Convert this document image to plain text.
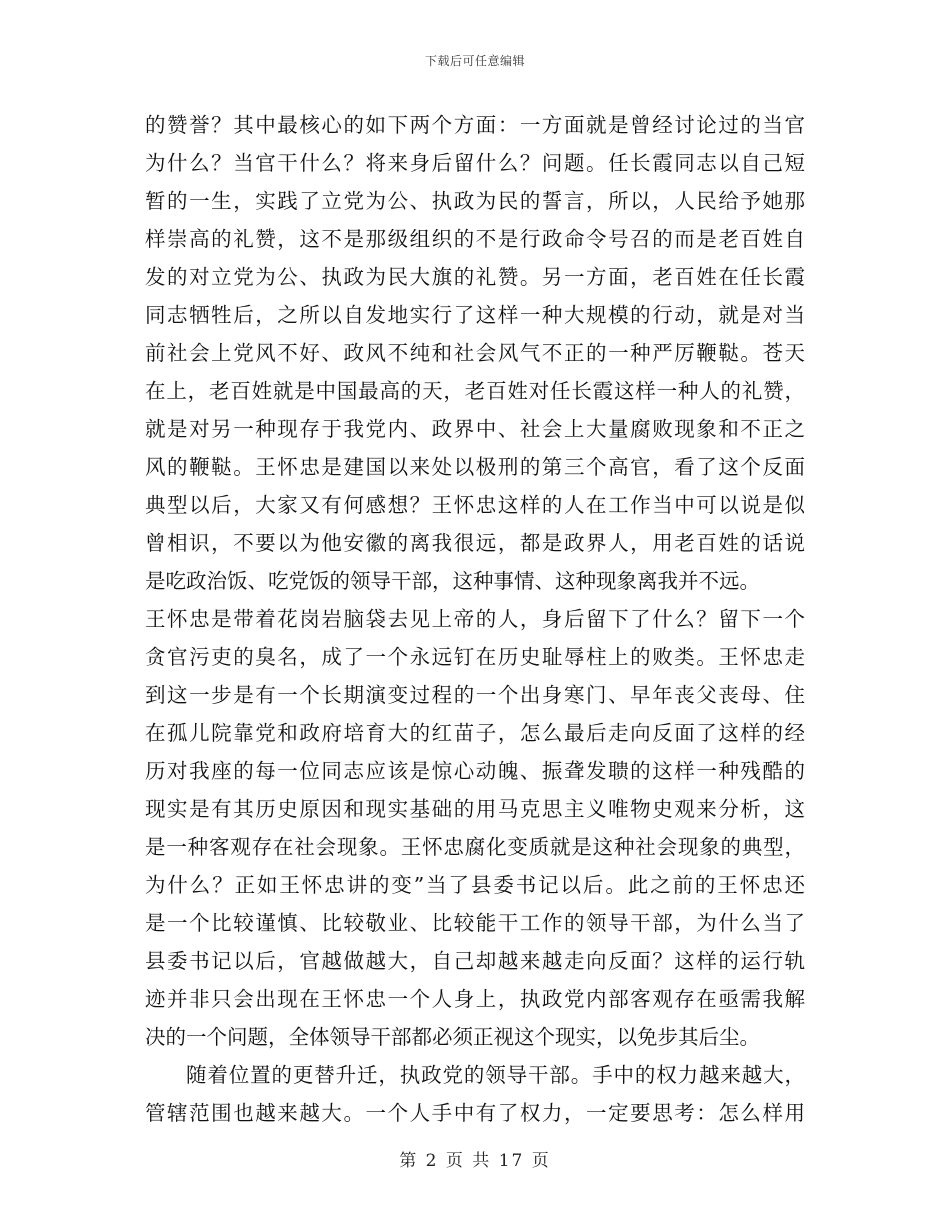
下载后可任意编辑
的赞誉？其中最核心的如下两个方面：一方面就是曾经讨论过的当官
为什么？当官干什么？将来身后留什么？问题。任长霞同志以自己短
暂的一生，实践了立党为公、执政为民的誓言，所以，人民给予她那
样崇高的礼赞，这不是那级组织的不是行政命令号召的而是老百姓自
发的对立党为公、执政为民大旗的礼赞。另一方面，老百姓在任长霞
同志牺牲后，之所以自发地实行了这样一种大规模的行动，就是对当
前社会上党风不好、政风不纯和社会风气不正的一种严厉鞭鞑。苍天
在上，老百姓就是中国最高的天，老百姓对任长霞这样一种人的礼赞，
就是对另一种现存于我党内、政界中、社会上大量腐败现象和不正之
风的鞭鞑。王怀忠是建国以来处以极刑的第三个高官，看了这个反面
典型以后，大家又有何感想？王怀忠这样的人在工作当中可以说是似
曾相识，不要以为他安徽的离我很远，都是政界人，用老百姓的话说
是吃政治饭、吃党饭的领导干部，这种事情、这种现象离我并不远。
王怀忠是带着花岗岩脑袋去见上帝的人，身后留下了什么？留下一个
贪官污吏的臭名，成了一个永远钉在历史耻辱柱上的败类。王怀忠走
到这一步是有一个长期演变过程的一个出身寒门、早年丧父丧母、住
在孤儿院靠党和政府培育大的红苗子，怎么最后走向反面了这样的经
历对我座的每一位同志应该是惊心动魄、振聋发聩的这样一种残酷的
现实是有其历史原因和现实基础的用马克思主义唯物史观来分析，这
是一种客观存在社会现象。王怀忠腐化变质就是这种社会现象的典型，
为什么？正如王怀忠讲的变”当了县委书记以后。此之前的王怀忠还
是一个比较谨慎、比较敬业、比较能干工作的领导干部，为什么当了
县委书记以后，官越做越大，自己却越来越走向反面？这样的运行轨
迹并非只会出现在王怀忠一个人身上，执政党内部客观存在亟需我解
决的一个问题，全体领导干部都必须正视这个现实，以免步其后尘。
随着位置的更替升迁，执政党的领导干部。手中的权力越来越大，
管辖范围也越来越大。一个人手中有了权力，一定要思考：怎么样用
第 2 页 共 17 页
